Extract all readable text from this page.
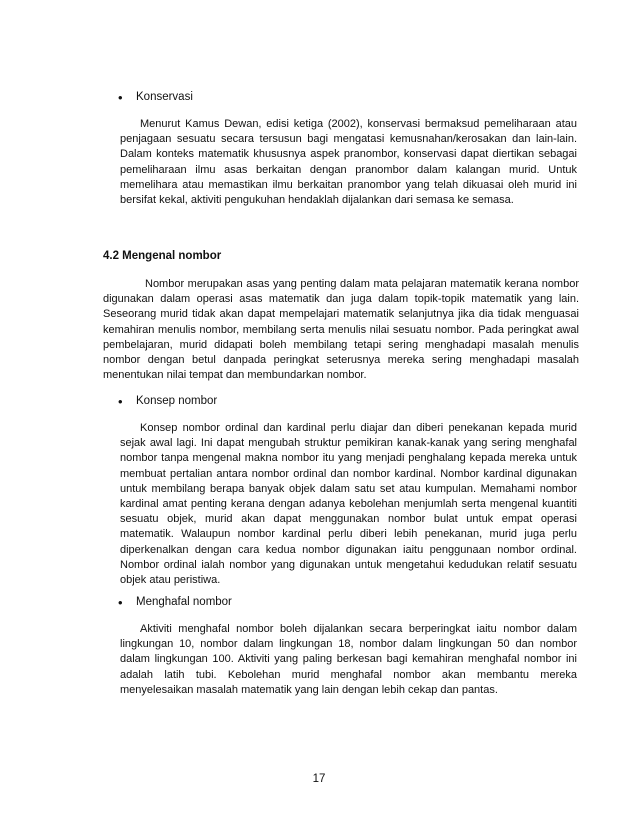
•	Konservasi

Menurut Kamus Dewan, edisi ketiga (2002), konservasi bermaksud pemeliharaan atau penjagaan sesuatu secara tersusun bagi mengatasi kemusnahan/kerosakan dan lain-lain. Dalam konteks matematik khususnya aspek pranombor, konservasi dapat diertikan sebagai pemeliharaan ilmu asas berkaitan dengan pranombor dalam kalangan murid. Untuk memelihara atau memastikan ilmu berkaitan pranombor yang telah dikuasai oleh murid ini bersifat kekal, aktiviti pengukuhan hendaklah dijalankan dari semasa ke semasa.

4.2 Mengenal nombor

Nombor merupakan asas yang penting dalam mata pelajaran matematik kerana nombor digunakan dalam operasi asas matematik dan juga dalam topik-topik matematik yang lain. Seseorang murid tidak akan dapat mempelajari matematik selanjutnya jika dia tidak menguasai kemahiran menulis nombor, membilang serta menulis nilai sesuatu nombor. Pada peringkat awal pembelajaran, murid didapati boleh membilang tetapi sering menghadapi masalah menulis nombor dengan betul danpada peringkat seterusnya mereka sering menghadapi masalah menentukan nilai tempat dan membundarkan nombor.

•	Konsep nombor

Konsep nombor ordinal dan kardinal perlu diajar dan diberi penekanan kepada murid sejak awal lagi. Ini dapat mengubah struktur pemikiran kanak-kanak yang sering menghafal nombor tanpa mengenal makna nombor itu yang menjadi penghalang kepada mereka untuk membuat pertalian antara nombor ordinal dan nombor kardinal. Nombor kardinal digunakan untuk membilang berapa banyak objek dalam satu set atau kumpulan. Memahami nombor kardinal amat penting kerana dengan adanya kebolehan menjumlah serta mengenal kuantiti sesuatu objek, murid akan dapat menggunakan nombor bulat untuk empat operasi matematik. Walaupun nombor kardinal perlu diberi lebih penekanan, murid juga perlu diperkenalkan dengan cara kedua nombor digunakan iaitu penggunaan nombor ordinal. Nombor ordinal ialah nombor yang digunakan untuk mengetahui kedudukan relatif sesuatu objek atau peristiwa.

•	Menghafal nombor

Aktiviti menghafal nombor boleh dijalankan secara berperingkat iaitu nombor dalam lingkungan 10, nombor dalam lingkungan 18, nombor dalam lingkungan 50 dan nombor dalam lingkungan 100. Aktiviti yang paling berkesan bagi kemahiran menghafal nombor ini adalah latih tubi. Kebolehan murid menghafal nombor akan membantu mereka menyelesaikan masalah matematik yang lain dengan lebih cekap dan pantas.

17
